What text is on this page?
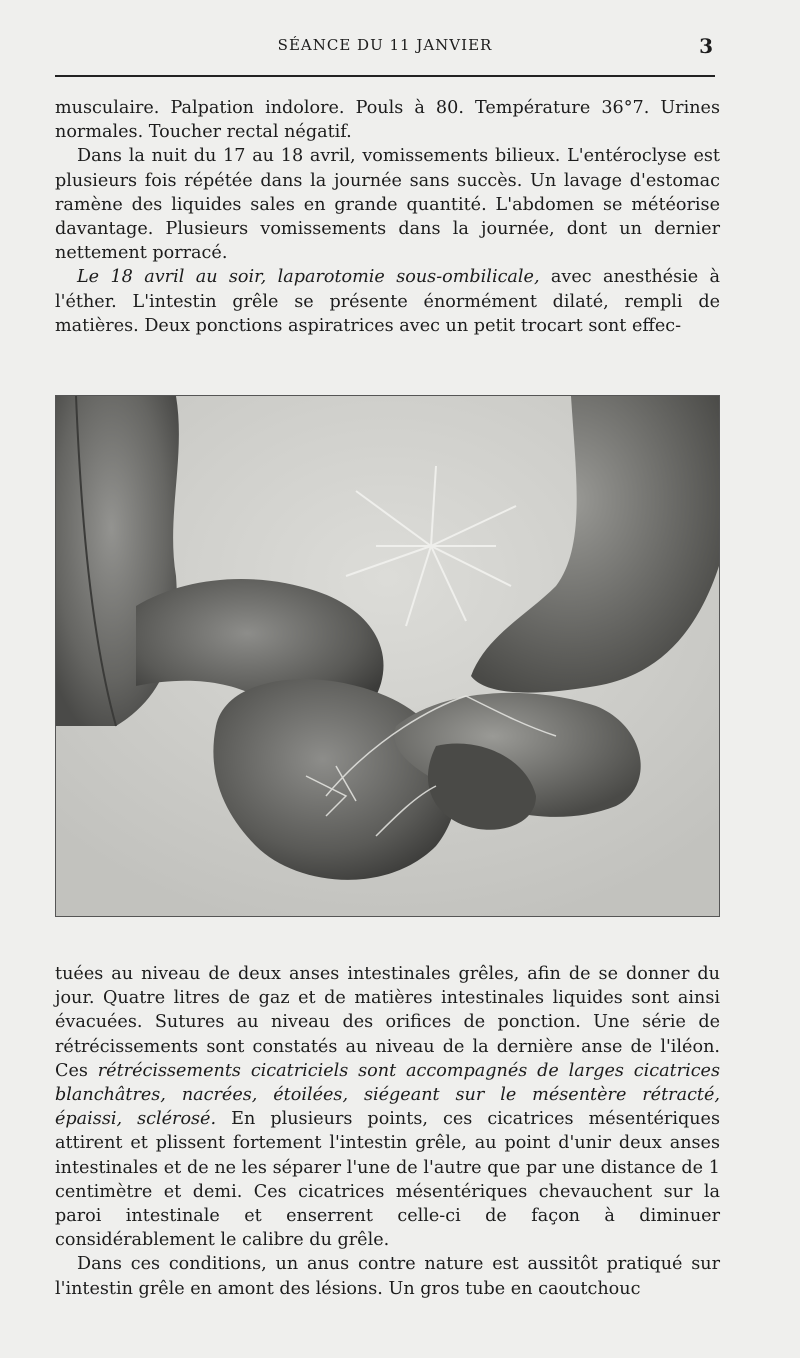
SÉANCE DU 11 JANVIER	3

musculaire. Palpation indolore. Pouls à 80. Température 36°7. Urines normales. Toucher rectal négatif.

Dans la nuit du 17 au 18 avril, vomissements bilieux. L'entéroclyse est plusieurs fois répétée dans la journée sans succès. Un lavage d'estomac ramène des liquides sales en grande quantité. L'abdomen se météorise davantage. Plusieurs vomissements dans la journée, dont un dernier nettement porracé.

Le 18 avril au soir, laparotomie sous-ombilicale, avec anesthésie à l'éther. L'intestin grêle se présente énormément dilaté, rempli de matières. Deux ponctions aspiratrices avec un petit trocart sont effec-

tuées au niveau de deux anses intestinales grêles, afin de se donner du jour. Quatre litres de gaz et de matières intestinales liquides sont ainsi évacuées. Sutures au niveau des orifices de ponction. Une série de rétrécissements sont constatés au niveau de la dernière anse de l'iléon. Ces rétrécissements cicatriciels sont accompagnés de larges cicatrices blanchâtres, nacrées, étoilées, siégeant sur le mésentère rétracté, épaissi, sclérosé. En plusieurs points, ces cicatrices mésentériques attirent et plissent fortement l'intestin grêle, au point d'unir deux anses intestinales et de ne les séparer l'une de l'autre que par une distance de 1 centimètre et demi. Ces cicatrices mésentériques chevauchent sur la paroi intestinale et enserrent celle-ci de façon à diminuer considérablement le calibre du grêle.

Dans ces conditions, un anus contre nature est aussitôt pratiqué sur l'intestin grêle en amont des lésions. Un gros tube en caoutchouc
